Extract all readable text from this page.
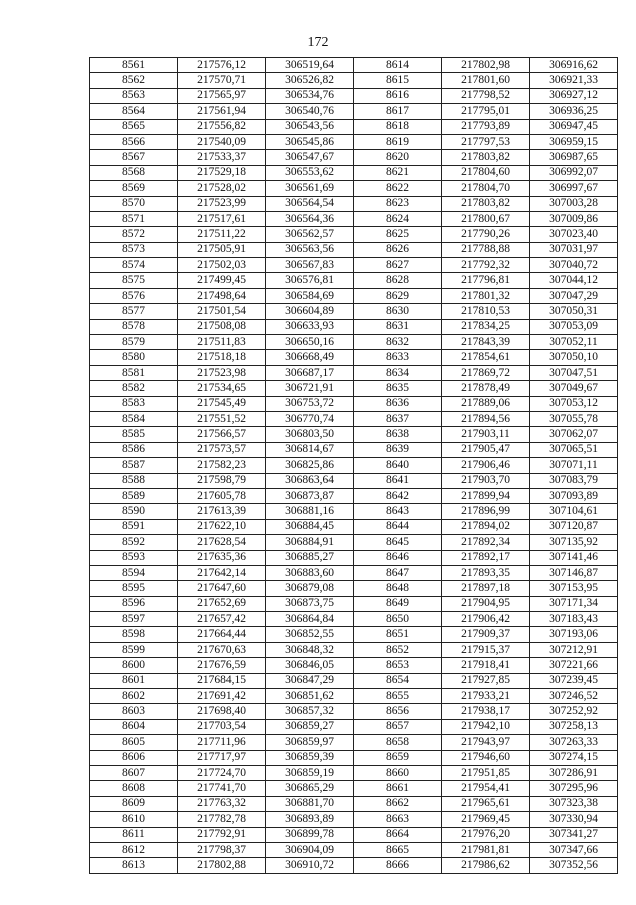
172
8561	217576,12	306519,64	8614	217802,98	306916,62
8562	217570,71	306526,82	8615	217801,60	306921,33
8563	217565,97	306534,76	8616	217798,52	306927,12
8564	217561,94	306540,76	8617	217795,01	306936,25
8565	217556,82	306543,56	8618	217793,89	306947,45
8566	217540,09	306545,86	8619	217797,53	306959,15
8567	217533,37	306547,67	8620	217803,82	306987,65
8568	217529,18	306553,62	8621	217804,60	306992,07
8569	217528,02	306561,69	8622	217804,70	306997,67
8570	217523,99	306564,54	8623	217803,82	307003,28
8571	217517,61	306564,36	8624	217800,67	307009,86
8572	217511,22	306562,57	8625	217790,26	307023,40
8573	217505,91	306563,56	8626	217788,88	307031,97
8574	217502,03	306567,83	8627	217792,32	307040,72
8575	217499,45	306576,81	8628	217796,81	307044,12
8576	217498,64	306584,69	8629	217801,32	307047,29
8577	217501,54	306604,89	8630	217810,53	307050,31
8578	217508,08	306633,93	8631	217834,25	307053,09
8579	217511,83	306650,16	8632	217843,39	307052,11
8580	217518,18	306668,49	8633	217854,61	307050,10
8581	217523,98	306687,17	8634	217869,72	307047,51
8582	217534,65	306721,91	8635	217878,49	307049,67
8583	217545,49	306753,72	8636	217889,06	307053,12
8584	217551,52	306770,74	8637	217894,56	307055,78
8585	217566,57	306803,50	8638	217903,11	307062,07
8586	217573,57	306814,67	8639	217905,47	307065,51
8587	217582,23	306825,86	8640	217906,46	307071,11
8588	217598,79	306863,64	8641	217903,70	307083,79
8589	217605,78	306873,87	8642	217899,94	307093,89
8590	217613,39	306881,16	8643	217896,99	307104,61
8591	217622,10	306884,45	8644	217894,02	307120,87
8592	217628,54	306884,91	8645	217892,34	307135,92
8593	217635,36	306885,27	8646	217892,17	307141,46
8594	217642,14	306883,60	8647	217893,35	307146,87
8595	217647,60	306879,08	8648	217897,18	307153,95
8596	217652,69	306873,75	8649	217904,95	307171,34
8597	217657,42	306864,84	8650	217906,42	307183,43
8598	217664,44	306852,55	8651	217909,37	307193,06
8599	217670,63	306848,32	8652	217915,37	307212,91
8600	217676,59	306846,05	8653	217918,41	307221,66
8601	217684,15	306847,29	8654	217927,85	307239,45
8602	217691,42	306851,62	8655	217933,21	307246,52
8603	217698,40	306857,32	8656	217938,17	307252,92
8604	217703,54	306859,27	8657	217942,10	307258,13
8605	217711,96	306859,97	8658	217943,97	307263,33
8606	217717,97	306859,39	8659	217946,60	307274,15
8607	217724,70	306859,19	8660	217951,85	307286,91
8608	217741,70	306865,29	8661	217954,41	307295,96
8609	217763,32	306881,70	8662	217965,61	307323,38
8610	217782,78	306893,89	8663	217969,45	307330,94
8611	217792,91	306899,78	8664	217976,20	307341,27
8612	217798,37	306904,09	8665	217981,81	307347,66
8613	217802,88	306910,72	8666	217986,62	307352,56
